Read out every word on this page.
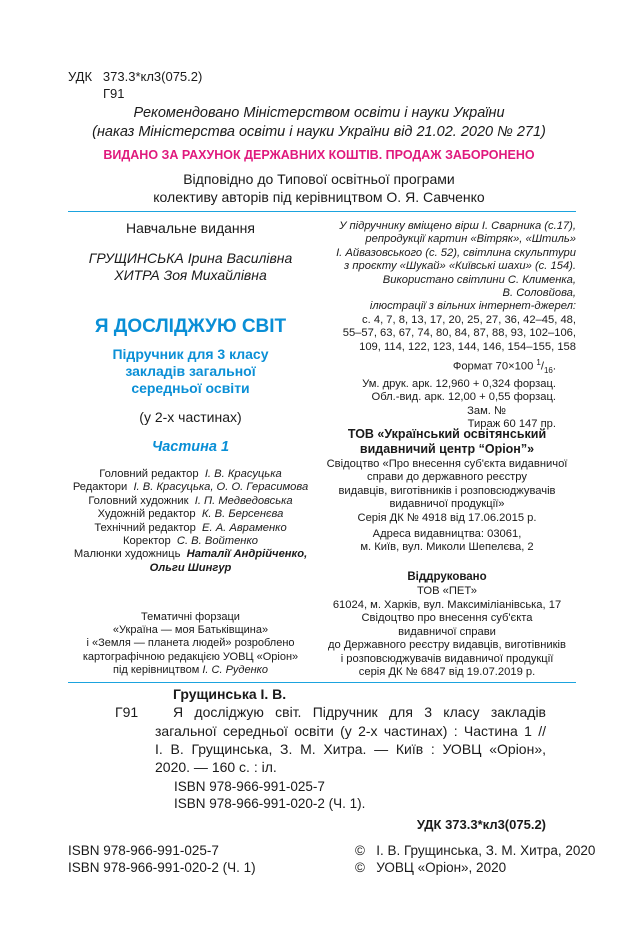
УДК 373.3*кл3(075.2)
Г91
Рекомендовано Міністерством освіти і науки України
(наказ Міністерства освіти і науки України від 21.02. 2020 № 271)
ВИДАНО ЗА РАХУНОК ДЕРЖАВНИХ КОШТІВ. ПРОДАЖ ЗАБОРОНЕНО
Відповідно до Типової освітньої програми
колективу авторів під керівництвом О. Я. Савченко
Навчальне видання
ГРУЩИНСЬКА Ірина Василівна
ХИТРА Зоя Михайлівна
Я ДОСЛІДЖУЮ СВІТ
Підручник для 3 класу
закладів загальної
середньої освіти
(у 2-х частинах)
Частина 1
Головний редактор І. В. Красуцька
Редактори І. В. Красуцька, О. О. Герасимова
Головний художник І. П. Медведовська
Художній редактор К. В. Берсенєва
Технічний редактор Е. А. Авраменко
Коректор С. В. Войтенко
Малюнки художниць Наталії Андрійченко,
Ольги Шингур
Тематичні форзаци
«Україна — моя Батьківщина»
і «Земля — планета людей» розроблено
картографічною редакцією УОВЦ «Оріон»
під керівництвом І. С. Руденко
У підручнику вміщено вірш І. Сварника (с.17),
репродукції картин «Вітряк», «Штиль»
І. Айвазовського (с. 52), світлина скульптури
з проєкту «Шукай» «Київські шахи» (с. 154).
Використано світлини С. Клименка,
В. Соловйова,
ілюстрації з вільних інтернет-джерел:
с. 4, 7, 8, 13, 17, 20, 25, 27, 36, 42–45, 48,
55–57, 63, 67, 74, 80, 84, 87, 88, 93, 102–106,
109, 114, 122, 123, 144, 146, 154–155, 158
Формат 70×100 $^1/_{16}$.
Ум. друк. арк. 12,960 + 0,324 форзац.
Обл.-вид. арк. 12,00 + 0,55 форзац.
Зам. №
Тираж 60 147 пр.
ТОВ «Український освітянський
видавничий центр “Оріон”»
Свідоцтво «Про внесення суб'єкта видавничої
справи до державного реєстру
видавців, виготівників і розповсюджувачів
видавничої продукції»
Серія ДК № 4918 від 17.06.2015 р.
Адреса видавництва: 03061,
м. Київ, вул. Миколи Шепелєва, 2
Віддруковано
ТОВ «ПЕТ»
61024, м. Харків, вул. Максиміліанівська, 17
Свідоцтво про внесення суб'єкта
видавничої справи
до Державного реєстру видавців, виготівників
і розповсюджувачів видавничої продукції
серія ДК № 6847 від 19.07.2019 р.
Грущинська І. В.
Г91 Я досліджую світ. Підручник для 3 класу закладів
загальної середньої освіти (у 2-х частинах) : Частина 1 //
І. В. Грущинська, З. М. Хитра. — Київ : УОВЦ «Оріон»,
2020. — 160 с. : іл.
ISBN 978-966-991-025-7
ISBN 978-966-991-020-2 (Ч. 1).
УДК 373.3*кл3(075.2)
ISBN 978-966-991-025-7
ISBN 978-966-991-020-2 (Ч. 1)
©   І. В. Грущинська, З. М. Хитра, 2020
©   УОВЦ «Оріон», 2020
